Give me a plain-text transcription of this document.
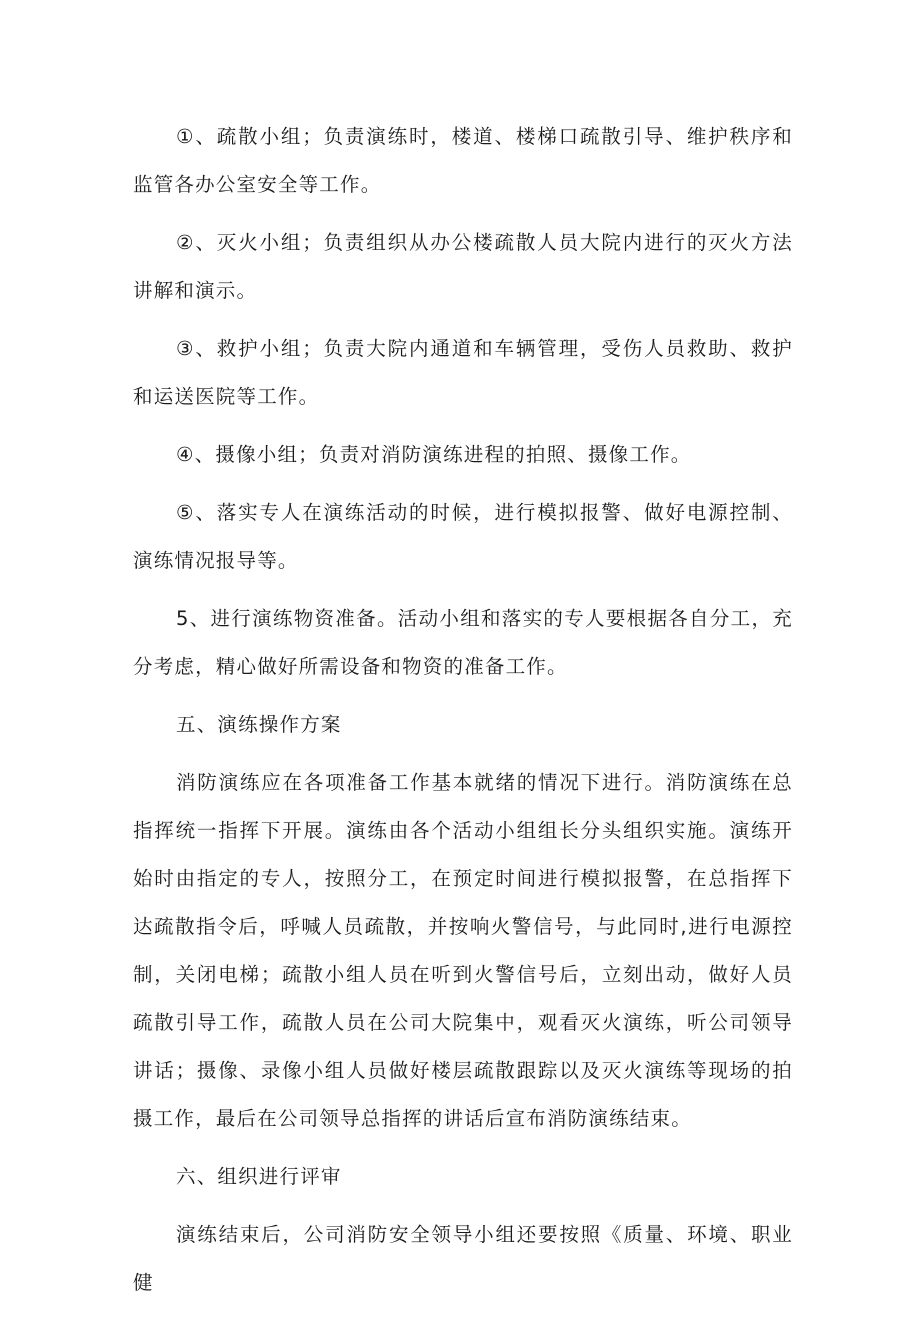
①、疏散小组；负责演练时，楼道、楼梯口疏散引导、维护秩序和监管各办公室安全等工作。

②、灭火小组；负责组织从办公楼疏散人员大院内进行的灭火方法讲解和演示。

③、救护小组；负责大院内通道和车辆管理，受伤人员救助、救护和运送医院等工作。

④、摄像小组；负责对消防演练进程的拍照、摄像工作。

⑤、落实专人在演练活动的时候，进行模拟报警、做好电源控制、演练情况报导等。

5、进行演练物资准备。活动小组和落实的专人要根据各自分工，充分考虑，精心做好所需设备和物资的准备工作。

五、演练操作方案

消防演练应在各项准备工作基本就绪的情况下进行。消防演练在总指挥统一指挥下开展。演练由各个活动小组组长分头组织实施。演练开始时由指定的专人，按照分工，在预定时间进行模拟报警，在总指挥下达疏散指令后，呼喊人员疏散，并按响火警信号，与此同时,进行电源控制，关闭电梯；疏散小组人员在听到火警信号后，立刻出动，做好人员疏散引导工作，疏散人员在公司大院集中，观看灭火演练，听公司领导讲话；摄像、录像小组人员做好楼层疏散跟踪以及灭火演练等现场的拍摄工作，最后在公司领导总指挥的讲话后宣布消防演练结束。

六、组织进行评审

演练结束后，公司消防安全领导小组还要按照《质量、环境、职业健
